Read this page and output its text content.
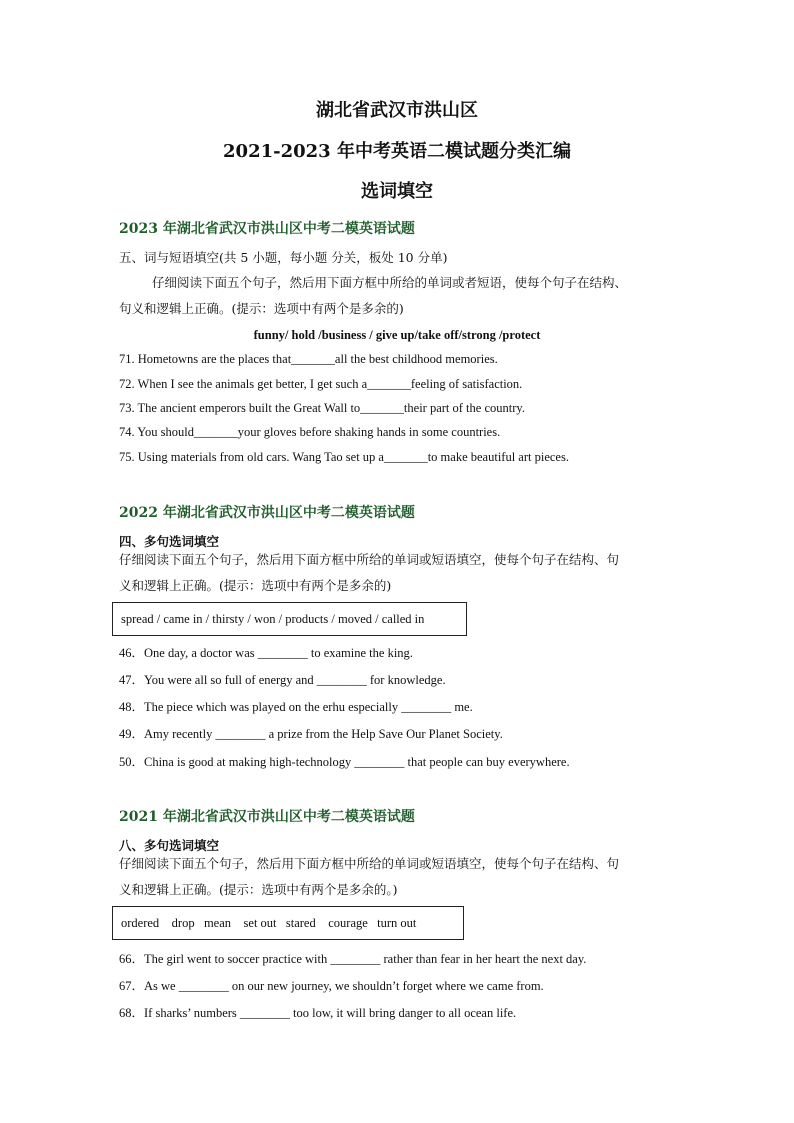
湖北省武汉市洪山区
2021-2023 年中考英语二模试题分类汇编
选词填空
2023 年湖北省武汉市洪山区中考二模英语试题
五、词与短语填空(共 5 小题，每小题 分关，板处 10 分单)
仔细阅读下面五个句子，然后用下面方框中所给的单词或者短语，使每个句子在结构、
句义和逻辑上正确。(提示：选项中有两个是多余的)
funny/ hold /business / give up/take off/strong /protect
71. Hometowns are the places that_______all the best childhood memories.
72. When I see the animals get better, I get such a_______feeling of satisfaction.
73. The ancient emperors built the Great Wall to_______their part of the country.
74. You should_______your gloves before shaking hands in some countries.
75. Using materials from old cars. Wang Tao set up a_______to make beautiful art pieces.
2022 年湖北省武汉市洪山区中考二模英语试题
四、多句选词填空
仔细阅读下面五个句子，然后用下面方框中所给的单词或短语填空，使每个句子在结构、句
义和逻辑上正确。(提示：选项中有两个是多余的)
spread / came in / thirsty / won / products / moved / called in
46．One day, a doctor was ________ to examine the king.
47．You were all so full of energy and ________ for knowledge.
48．The piece which was played on the erhu especially ________ me.
49．Amy recently ________ a prize from the Help Save Our Planet Society.
50．China is good at making high-technology ________ that people can buy everywhere.
2021 年湖北省武汉市洪山区中考二模英语试题
八、多句选词填空
仔细阅读下面五个句子，然后用下面方框中所给的单词或短语填空，使每个句子在结构、句
义和逻辑上正确。(提示：选项中有两个是多余的。)
ordered    drop   mean    set out   stared    courage   turn out
66．The girl went to soccer practice with ________ rather than fear in her heart the next day.
67．As we ________ on our new journey, we shouldn’t forget where we came from.
68．If sharks’ numbers ________ too low, it will bring danger to all ocean life.
